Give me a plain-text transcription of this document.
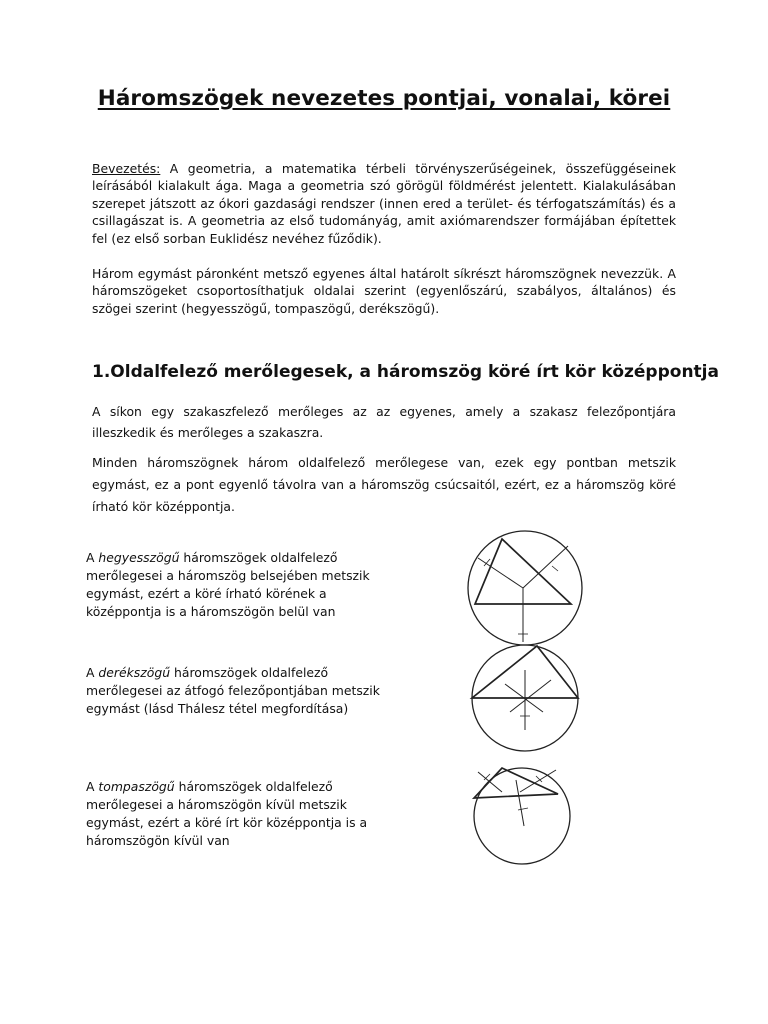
Háromszögek nevezetes pontjai, vonalai, körei

Bevezetés: A geometria, a matematika térbeli törvényszerűségeinek, összefüggéseinek leírásából kialakult ága. Maga a geometria szó görögül földmérést jelentett. Kialakulásában szerepet játszott az ókori gazdasági rendszer (innen ered a terület- és térfogatszámítás) és a csillagászat is. A geometria az első tudományág, amit axiómarendszer formájában építettek fel (ez első sorban Euklidész nevéhez fűződik).

Három egymást páronként metsző egyenes által határolt síkrészt háromszögnek nevezzük. A háromszögeket csoportosíthatjuk oldalai szerint (egyenlőszárú, szabályos, általános) és szögei szerint (hegyesszögű, tompaszögű, derékszögű).

1.Oldalfelező merőlegesek, a háromszög köré írt kör középpontja

A síkon egy szakaszfelező merőleges az az egyenes, amely a szakasz felezőpontjára illeszkedik és merőleges a szakaszra.

Minden háromszögnek három oldalfelező merőlegese van, ezek egy pontban metszik egymást, ez a pont egyenlő távolra van a háromszög csúcsaitól, ezért, ez a háromszög köré írható kör középpontja.

A hegyesszögű háromszögek oldalfelező merőlegesei a háromszög belsejében metszik egymást, ezért a köré írható körének a középpontja is a háromszögön belül van

A derékszögű háromszögek oldalfelező merőlegesei az átfogó felezőpontjában metszik egymást (lásd Thálesz tétel megfordítása)

A tompaszögű háromszögek oldalfelező merőlegesei a háromszögön kívül metszik egymást, ezért a köré írt kör középpontja is a háromszögön kívül van
